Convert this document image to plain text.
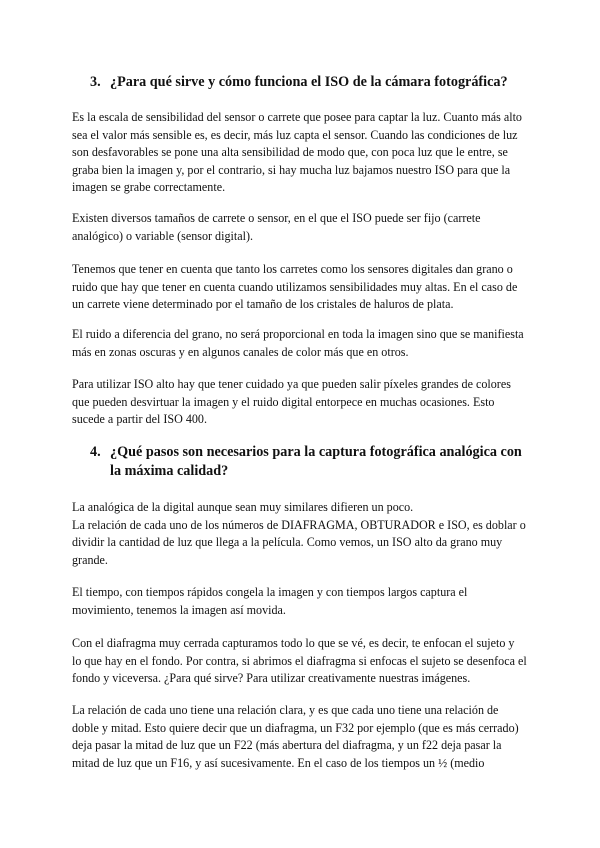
3. ¿Para qué sirve y cómo funciona el ISO de la cámara fotográfica?

Es la escala de sensibilidad del sensor o carrete que posee para captar la luz. Cuanto más alto
sea el valor más sensible es, es decir, más luz capta el sensor. Cuando las condiciones de luz
son desfavorables se pone una alta sensibilidad de modo que, con poca luz que le entre, se
graba bien la imagen y, por el contrario, si hay mucha luz bajamos nuestro ISO para que la
imagen se grabe correctamente.

Existen diversos tamaños de carrete o sensor, en el que el ISO puede ser fijo (carrete
analógico) o variable (sensor digital).

Tenemos que tener en cuenta que tanto los carretes como los sensores digitales dan grano o
ruido que hay que tener en cuenta cuando utilizamos sensibilidades muy altas. En el caso de
un carrete viene determinado por el tamaño de los cristales de haluros de plata.

El ruido a diferencia del grano, no será proporcional en toda la imagen sino que se manifiesta
más en zonas oscuras y en algunos canales de color más que en otros.

Para utilizar ISO alto hay que tener cuidado ya que pueden salir píxeles grandes de colores
que pueden desvirtuar la imagen y el ruido digital entorpece en muchas ocasiones. Esto
sucede a partir del ISO 400.

4. ¿Qué pasos son necesarios para la captura fotográfica analógica con
la máxima calidad?

La analógica de la digital aunque sean muy similares difieren un poco.
La relación de cada uno de los números de DIAFRAGMA, OBTURADOR e ISO, es doblar o
dividir la cantidad de luz que llega a la película. Como vemos, un ISO alto da grano muy
grande.

El tiempo, con tiempos rápidos congela la imagen y con tiempos largos captura el
movimiento, tenemos la imagen así movida.

Con el diafragma muy cerrada capturamos todo lo que se vé, es decir, te enfocan el sujeto y
lo que hay en el fondo. Por contra, si abrimos el diafragma si enfocas el sujeto se desenfoca el
fondo y viceversa. ¿Para qué sirve? Para utilizar creativamente nuestras imágenes.

La relación de cada uno tiene una relación clara, y es que cada uno tiene una relación de
doble y mitad. Esto quiere decir que un diafragma, un F32 por ejemplo (que es más cerrado)
deja pasar la mitad de luz que un F22 (más abertura del diafragma, y un f22 deja pasar la
mitad de luz que un F16, y así sucesivamente. En el caso de los tiempos un ½ (medio
